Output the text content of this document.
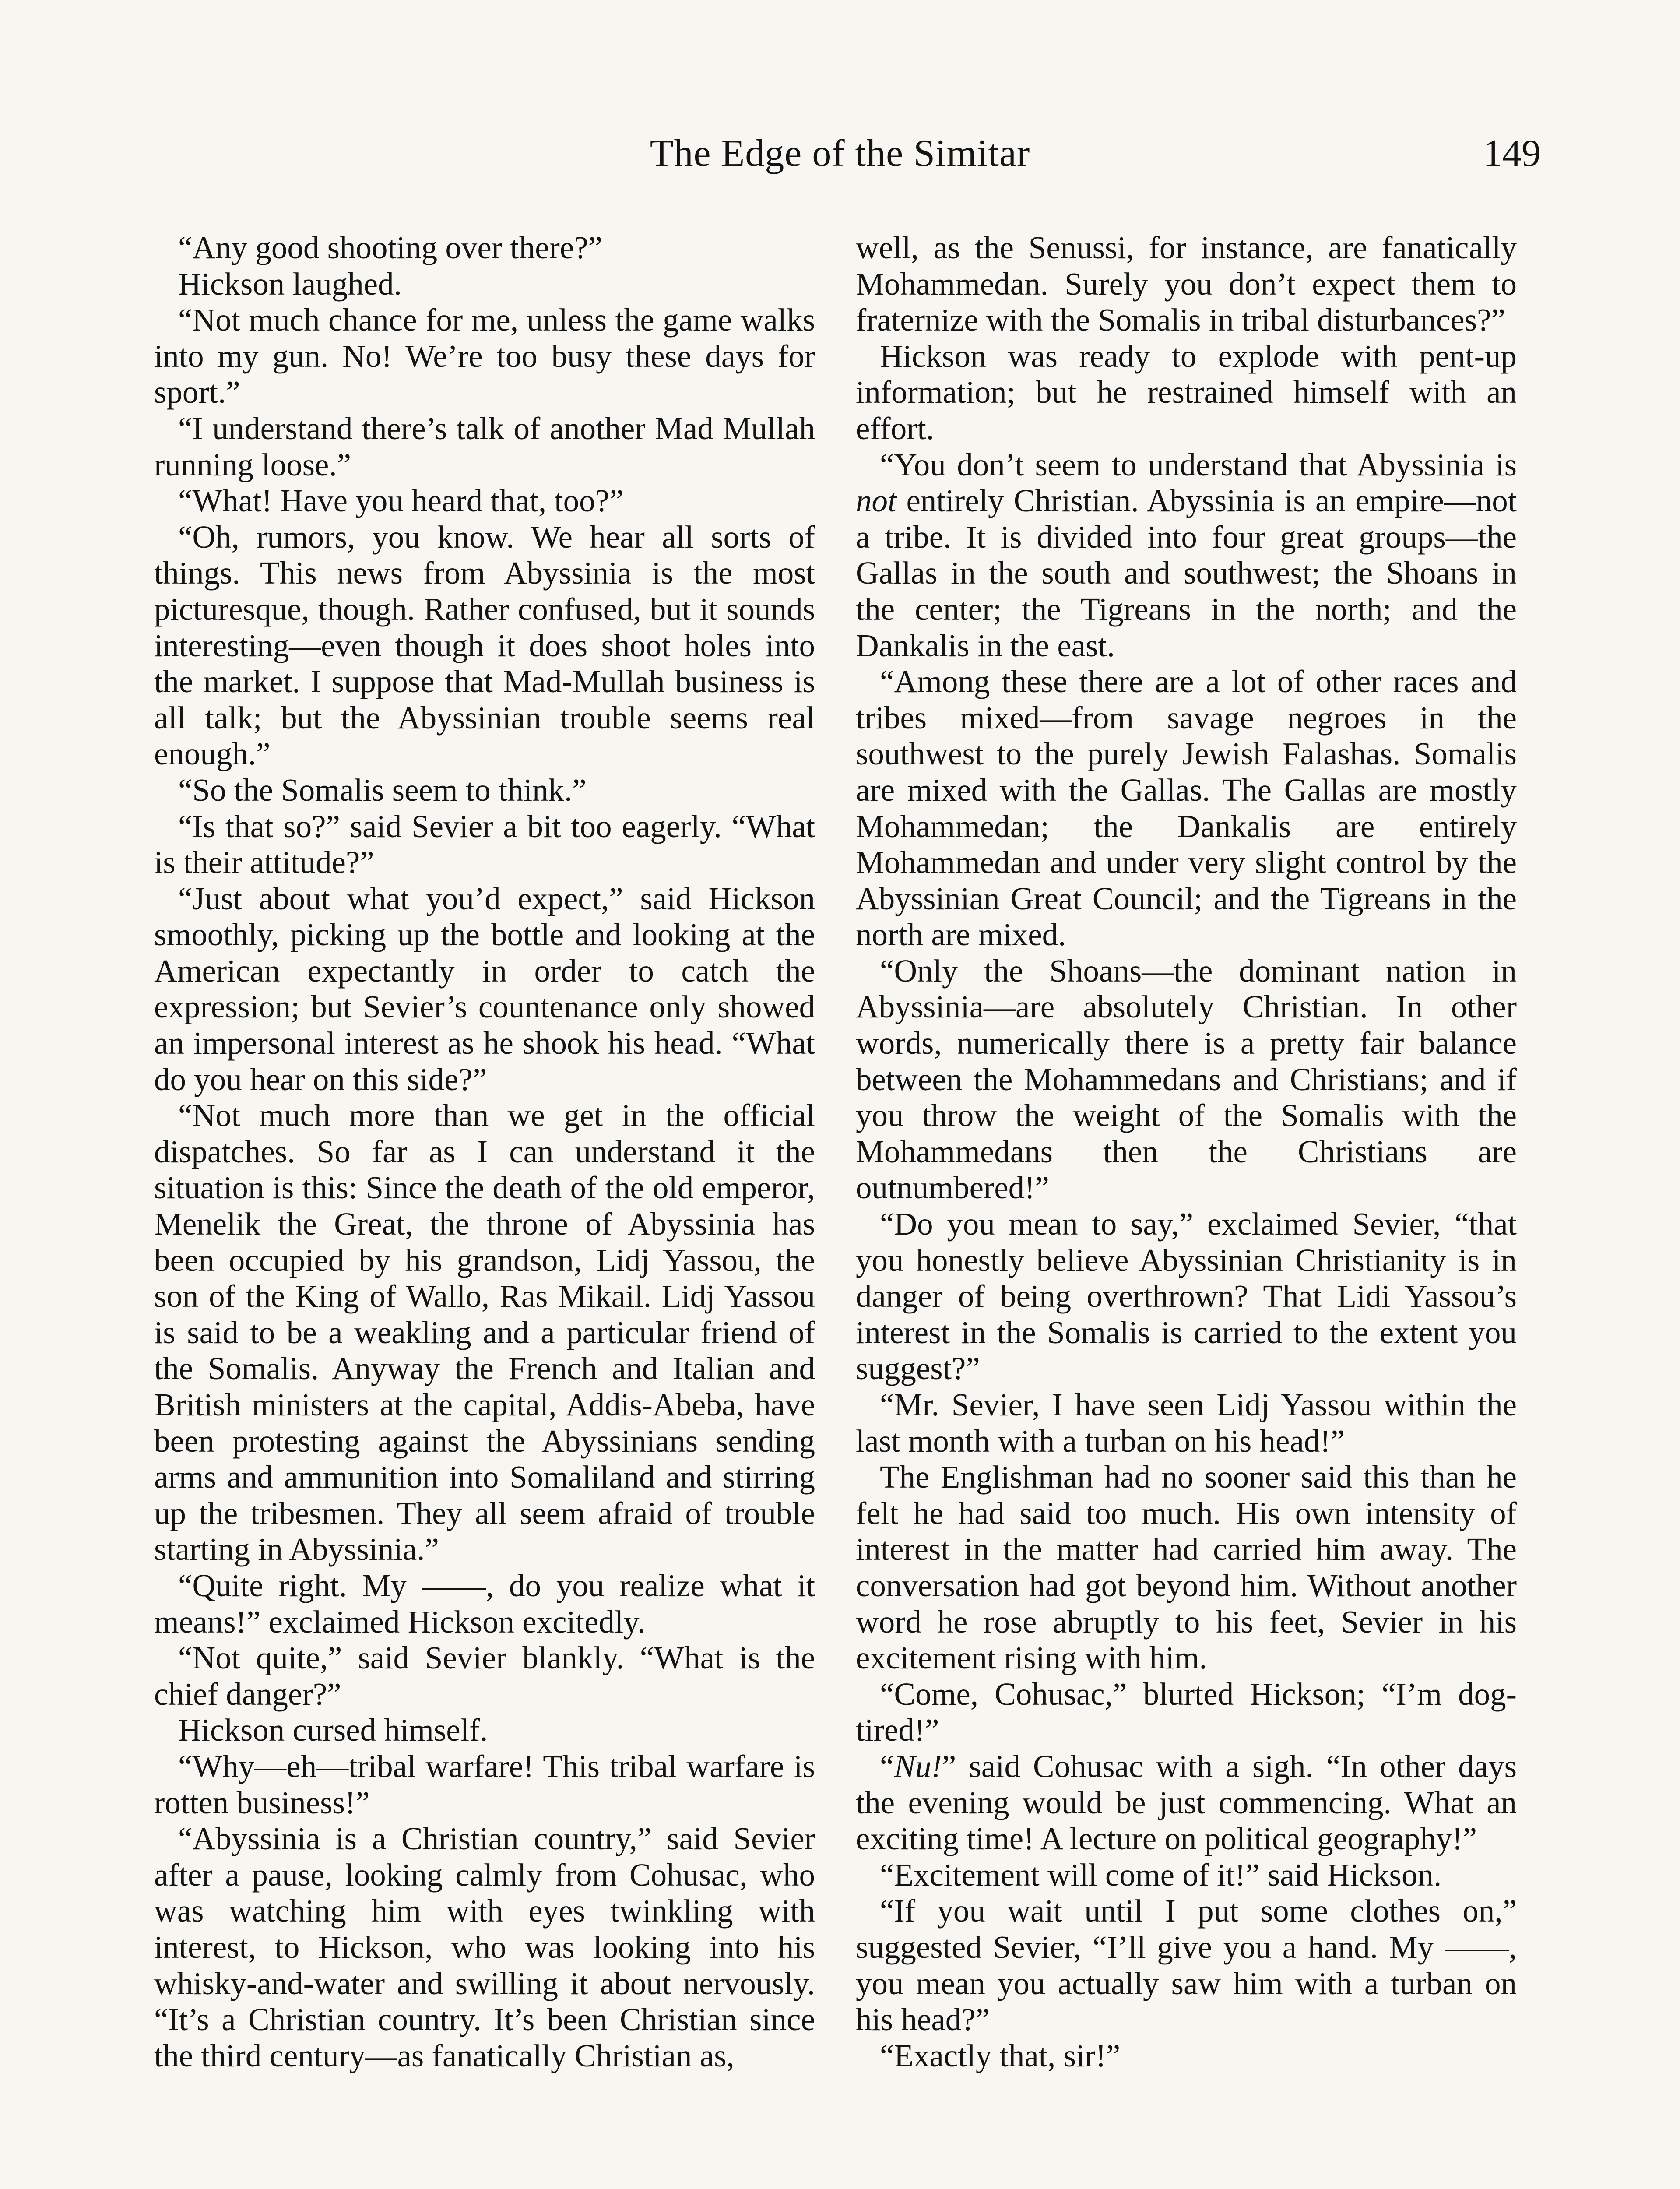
The Edge of the Simitar	149

“Any good shooting over there?”

Hickson laughed.

“Not much chance for me, unless the game walks into my gun. No! We’re too busy these days for sport.”

“I understand there’s talk of another Mad Mullah running loose.”

“What! Have you heard that, too?”

“Oh, rumors, you know. We hear all sorts of things. This news from Abyssinia is the most picturesque, though. Rather confused, but it sounds interesting—even though it does shoot holes into the market. I suppose that Mad-Mullah business is all talk; but the Abyssinian trouble seems real enough.”

“So the Somalis seem to think.”

“Is that so?” said Sevier a bit too eagerly. “What is their attitude?”

“Just about what you’d expect,” said Hickson smoothly, picking up the bottle and looking at the American expectantly in order to catch the expression; but Sevier’s countenance only showed an impersonal interest as he shook his head. “What do you hear on this side?”

“Not much more than we get in the official dispatches. So far as I can understand it the situation is this: Since the death of the old emperor, Menelik the Great, the throne of Abyssinia has been occupied by his grandson, Lidj Yassou, the son of the King of Wallo, Ras Mikail. Lidj Yassou is said to be a weakling and a particular friend of the Somalis. Anyway the French and Italian and British ministers at the capital, Addis-Abeba, have been protesting against the Abyssinians sending arms and ammunition into Somaliland and stirring up the tribesmen. They all seem afraid of trouble starting in Abyssinia.”

“Quite right. My ——, do you realize what it means!” exclaimed Hickson excitedly.

“Not quite,” said Sevier blankly. “What is the chief danger?”

Hickson cursed himself.

“Why—eh—tribal warfare! This tribal warfare is rotten business!”

“Abyssinia is a Christian country,” said Sevier after a pause, looking calmly from Cohusac, who was watching him with eyes twinkling with interest, to Hickson, who was looking into his whisky-and-water and swilling it about nervously. “It’s a Christian country. It’s been Christian since the third century—as fanatically Christian as,

well, as the Senussi, for instance, are fanatically Mohammedan. Surely you don’t expect them to fraternize with the Somalis in tribal disturbances?”

Hickson was ready to explode with pent-up information; but he restrained himself with an effort.

“You don’t seem to understand that Abyssinia is not entirely Christian. Abyssinia is an empire—not a tribe. It is divided into four great groups—the Gallas in the south and southwest; the Shoans in the center; the Tigreans in the north; and the Dankalis in the east.

“Among these there are a lot of other races and tribes mixed—from savage negroes in the southwest to the purely Jewish Falashas. Somalis are mixed with the Gallas. The Gallas are mostly Mohammedan; the Dankalis are entirely Mohammedan and under very slight control by the Abyssinian Great Council; and the Tigreans in the north are mixed.

“Only the Shoans—the dominant nation in Abyssinia—are absolutely Christian. In other words, numerically there is a pretty fair balance between the Mohammedans and Christians; and if you throw the weight of the Somalis with the Mohammedans then the Christians are outnumbered!”

“Do you mean to say,” exclaimed Sevier, “that you honestly believe Abyssinian Christianity is in danger of being overthrown? That Lidi Yassou’s interest in the Somalis is carried to the extent you suggest?”

“Mr. Sevier, I have seen Lidj Yassou within the last month with a turban on his head!”

The Englishman had no sooner said this than he felt he had said too much. His own intensity of interest in the matter had carried him away. The conversation had got beyond him. Without another word he rose abruptly to his feet, Sevier in his excitement rising with him.

“Come, Cohusac,” blurted Hickson; “I’m dog-tired!”

“Nu!” said Cohusac with a sigh. “In other days the evening would be just commencing. What an exciting time! A lecture on political geography!”

“Excitement will come of it!” said Hickson.

“If you wait until I put some clothes on,” suggested Sevier, “I’ll give you a hand. My ——, you mean you actually saw him with a turban on his head?”

“Exactly that, sir!”
